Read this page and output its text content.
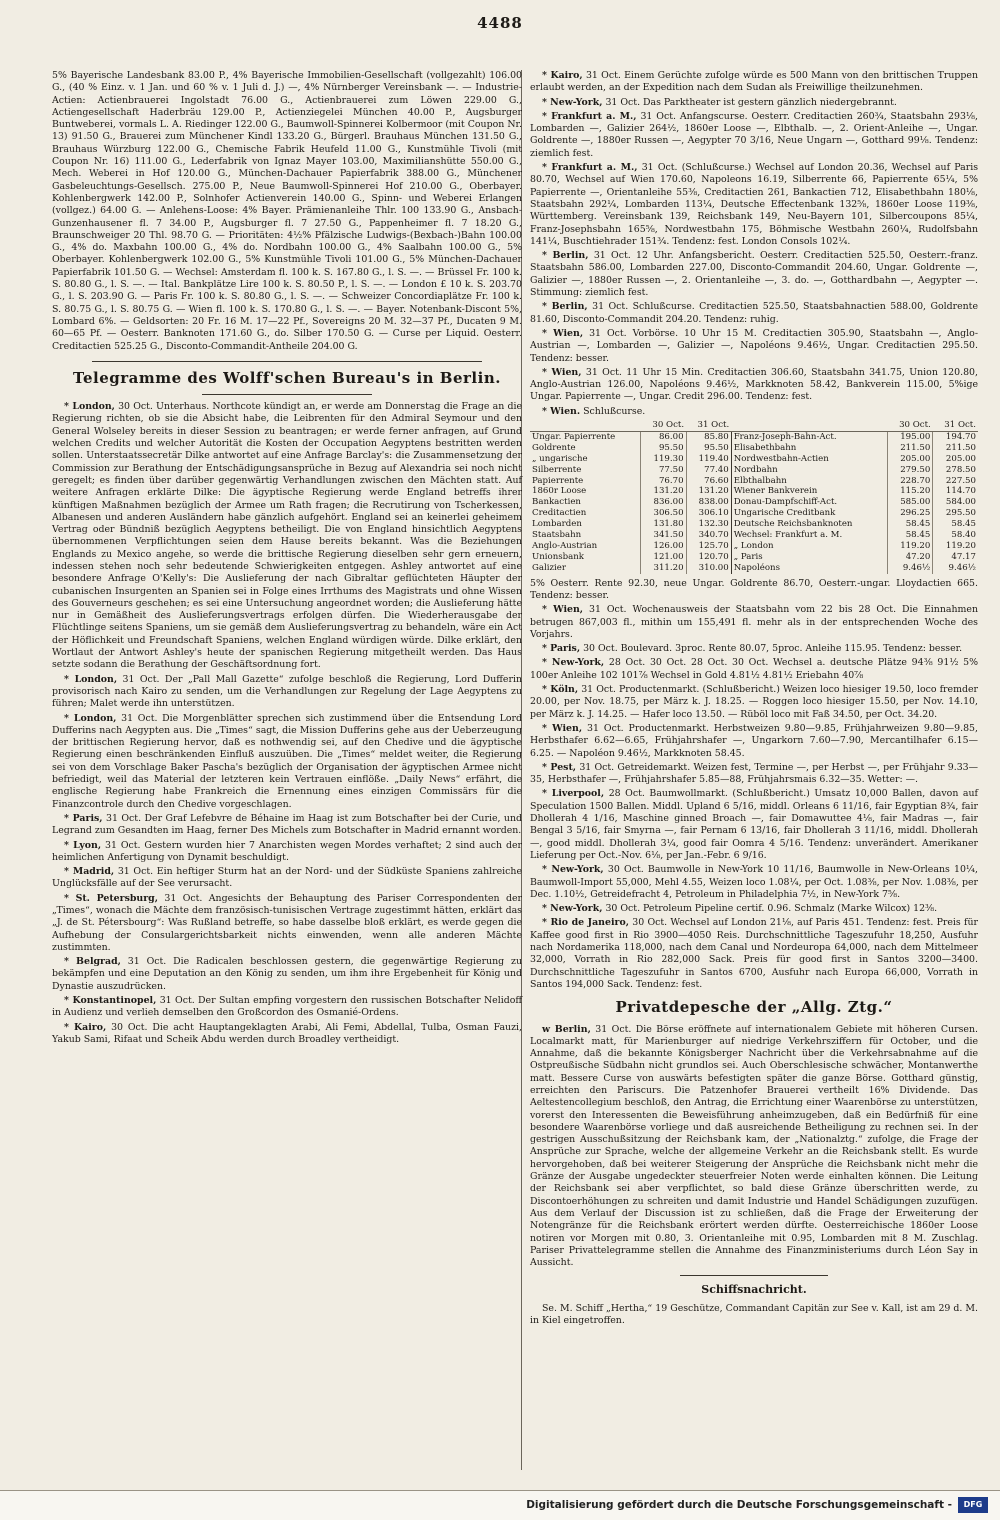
4488

5% Bayerische Landesbank 83.00 P., 4% Bayerische Immobilien-Gesellschaft (vollgezahlt) 106.00 G., (40 % Einz. v. 1 Jan. und 60 % v. 1 Juli d. J.) —, 4% Nürnberger Vereinsbank —. — Industrie-Actien: Actienbrauerei Ingolstadt 76.00 G., Actienbrauerei zum Löwen 229.00 G., Actiengesellschaft Haderbräu 129.00 P., Actienziegelei München 40.00 P., Augsburger Buntweberei, vormals L. A. Riedinger 122.00 G., Baumwoll-Spinnerei Kolbermoor (mit Coupon Nr. 13) 91.50 G., Brauerei zum Münchener Kindl 133.20 G., Bürgerl. Brauhaus München 131.50 G., Brauhaus Würzburg 122.00 G., Chemische Fabrik Heufeld 11.00 G., Kunstmühle Tivoli (mit Coupon Nr. 16) 111.00 G., Lederfabrik von Ignaz Mayer 103.00, Maximilianshütte 550.00 G., Mech. Weberei in Hof 120.00 G., München-Dachauer Papierfabrik 388.00 G., Münchener Gasbeleuchtungs-Gesellsch. 275.00 P., Neue Baumwoll-Spinnerei Hof 210.00 G., Oberbayer. Kohlenbergwerk 142.00 P., Solnhofer Actienverein 140.00 G., Spinn- und Weberei Erlangen (vollgez.) 64.00 G. — Anlehens-Loose: 4% Bayer. Prämienanleihe Thlr. 100 133.90 G., Ansbach-Gunzenhausener fl. 7 34.00 P., Augsburger fl. 7 27.50 G., Pappenheimer fl. 7 18.20 G., Braunschweiger 20 Thl. 98.70 G. — Prioritäten: 4½% Pfälzische Ludwigs-(Bexbach-)Bahn 100.00 G., 4% do. Maxbahn 100.00 G., 4% do. Nordbahn 100.00 G., 4% Saalbahn 100.00 G., 5% Oberbayer. Kohlenbergwerk 102.00 G., 5% Kunstmühle Tivoli 101.00 G., 5% München-Dachauer Papierfabrik 101.50 G. — Wechsel: Amsterdam fl. 100 k. S. 167.80 G., l. S. —. — Brüssel Fr. 100 k. S. 80.80 G., l. S. —. — Ital. Bankplätze Lire 100 k. S. 80.50 P., l. S. —. — London £ 10 k. S. 203.70 G., l. S. 203.90 G. — Paris Fr. 100 k. S. 80.80 G., l. S. —. — Schweizer Concordiaplätze Fr. 100 k. S. 80.75 G., l. S. 80.75 G. — Wien fl. 100 k. S. 170.80 G., l. S. —. — Bayer. Notenbank-Discont 5%, Lombard 6%. — Geldsorten: 20 Fr. 16 M. 17—22 Pf., Sovereigns 20 M. 32—37 Pf., Ducaten 9 M. 60—65 Pf. — Oesterr. Banknoten 171.60 G., do. Silber 170.50 G. — Curse per Liquid. Oesterr. Creditactien 525.25 G., Disconto-Commandit-Antheile 204.00 G.

Telegramme des Wolff'schen Bureau's in Berlin.

* London, 30 Oct. Unterhaus. Northcote kündigt an, er werde am Donnerstag die Frage an die Regierung richten, ob sie die Absicht habe, die Leibrenten für den Admiral Seymour und den General Wolseley bereits in dieser Session zu beantragen; er werde ferner anfragen, auf Grund welchen Credits und welcher Autorität die Kosten der Occupation Aegyptens bestritten werden sollen. Unterstaatssecretär Dilke antwortet auf eine Anfrage Barclay's: die Zusammensetzung der Commission zur Berathung der Entschädigungsansprüche in Bezug auf Alexandria sei noch nicht geregelt; es finden über darüber gegenwärtig Verhandlungen zwischen den Mächten statt. Auf weitere Anfragen erklärte Dilke: Die ägyptische Regierung werde England betreffs ihrer künftigen Maßnahmen bezüglich der Armee um Rath fragen; die Recrutirung von Tscherkessen, Albanesen und anderen Ausländern habe gänzlich aufgehört. England sei an keinerlei geheimem Vertrag oder Bündniß bezüglich Aegyptens betheiligt. Die von England hinsichtlich Aegyptens übernommenen Verpflichtungen seien dem Hause bereits bekannt. Was die Beziehungen Englands zu Mexico angehe, so werde die brittische Regierung dieselben sehr gern erneuern, indessen stehen noch sehr bedeutende Schwierigkeiten entgegen. Ashley antwortet auf eine besondere Anfrage O'Kelly's: Die Auslieferung der nach Gibraltar geflüchteten Häupter der cubanischen Insurgenten an Spanien sei in Folge eines Irrthums des Magistrats und ohne Wissen des Gouverneurs geschehen; es sei eine Untersuchung angeordnet worden; die Auslieferung hätte nur in Gemäßheit des Auslieferungsvertrags erfolgen dürfen. Die Wiederherausgabe der Flüchtlinge seitens Spaniens, um sie gemäß dem Auslieferungsvertrag zu behandeln, wäre ein Act der Höflichkeit und Freundschaft Spaniens, welchen England würdigen würde. Dilke erklärt, den Wortlaut der Antwort Ashley's heute der spanischen Regierung mitgetheilt werden. Das Haus setzte sodann die Berathung der Geschäftsordnung fort.

* London, 31 Oct. Der „Pall Mall Gazette“ zufolge beschloß die Regierung, Lord Dufferin provisorisch nach Kairo zu senden, um die Verhandlungen zur Regelung der Lage Aegyptens zu führen; Malet werde ihn unterstützen.

* London, 31 Oct. Die Morgenblätter sprechen sich zustimmend über die Entsendung Lord Dufferins nach Aegypten aus. Die „Times“ sagt, die Mission Dufferins gehe aus der Ueberzeugung der brittischen Regierung hervor, daß es nothwendig sei, auf den Chedive und die ägyptische Regierung einen beschränkenden Einfluß auszuüben. Die „Times“ meldet weiter, die Regierung sei von dem Vorschlage Baker Pascha's bezüglich der Organisation der ägyptischen Armee nicht befriedigt, weil das Material der letzteren kein Vertrauen einflöße. „Daily News“ erfährt, die englische Regierung habe Frankreich die Ernennung eines einzigen Commissärs für die Finanzcontrole durch den Chedive vorgeschlagen.

* Paris, 31 Oct. Der Graf Lefebvre de Béhaine im Haag ist zum Botschafter bei der Curie, und Legrand zum Gesandten im Haag, ferner Des Michels zum Botschafter in Madrid ernannt worden.

* Lyon, 31 Oct. Gestern wurden hier 7 Anarchisten wegen Mordes verhaftet; 2 sind auch der heimlichen Anfertigung von Dynamit beschuldigt.

* Madrid, 31 Oct. Ein heftiger Sturm hat an der Nord- und der Südküste Spaniens zahlreiche Unglücksfälle auf der See verursacht.

* St. Petersburg, 31 Oct. Angesichts der Behauptung des Pariser Correspondenten der „Times“, wonach die Mächte dem französisch-tunisischen Vertrage zugestimmt hätten, erklärt das „J. de St. Pétersbourg“: Was Rußland betreffe, so habe dasselbe bloß erklärt, es werde gegen die Aufhebung der Consulargerichtsbarkeit nichts einwenden, wenn alle anderen Mächte zustimmten.

* Belgrad, 31 Oct. Die Radicalen beschlossen gestern, die gegenwärtige Regierung zu bekämpfen und eine Deputation an den König zu senden, um ihm ihre Ergebenheit für König und Dynastie auszudrücken.

* Konstantinopel, 31 Oct. Der Sultan empfing vorgestern den russischen Botschafter Nelidoff in Audienz und verlieh demselben den Großcordon des Osmanié-Ordens.

* Kairo, 30 Oct. Die acht Hauptangeklagten Arabi, Ali Femi, Abdellal, Tulba, Osman Fauzi, Yakub Sami, Rifaat und Scheik Abdu werden durch Broadley vertheidigt.

* Kairo, 31 Oct. Einem Gerüchte zufolge würde es 500 Mann von den brittischen Truppen erlaubt werden, an der Expedition nach dem Sudan als Freiwillige theilzunehmen.

* New-York, 31 Oct. Das Parktheater ist gestern gänzlich niedergebrannt.

* Frankfurt a. M., 31 Oct. Anfangscurse. Oesterr. Creditactien 260¾, Staatsbahn 293⅛, Lombarden —, Galizier 264½, 1860er Loose —, Elbthalb. —, 2. Orient-Anleihe —, Ungar. Goldrente —, 1880er Russen —, Aegypter 70 3/16, Neue Ungarn —, Gotthard 99⅛. Tendenz: ziemlich fest.

* Frankfurt a. M., 31 Oct. (Schlußcurse.) Wechsel auf London 20.36, Wechsel auf Paris 80.70, Wechsel auf Wien 170.60, Napoleons 16.19, Silberrente 66, Papierrente 65¼, 5% Papierrente —, Orientanleihe 55⅜, Creditactien 261, Bankactien 712, Elisabethbahn 180⅛, Staatsbahn 292¼, Lombarden 113¼, Deutsche Effectenbank 132⅝, 1860er Loose 119⅜, Württemberg. Vereinsbank 139, Reichsbank 149, Neu-Bayern 101, Silbercoupons 85¼, Franz-Josephsbahn 165⅝, Nordwestbahn 175, Böhmische Westbahn 260¼, Rudolfsbahn 141¼, Buschtiehrader 151¾. Tendenz: fest. London Consols 102¼.

* Berlin, 31 Oct. 12 Uhr. Anfangsbericht. Oesterr. Creditactien 525.50, Oesterr.-franz. Staatsbahn 586.00, Lombarden 227.00, Disconto-Commandit 204.60, Ungar. Goldrente —, Galizier —, 1880er Russen —, 2. Orientanleihe —, 3. do. —, Gotthardbahn —, Aegypter —. Stimmung: ziemlich fest.

* Berlin, 31 Oct. Schlußcurse. Creditactien 525.50, Staatsbahnactien 588.00, Goldrente 81.60, Disconto-Commandit 204.20. Tendenz: ruhig.

* Wien, 31 Oct. Vorbörse. 10 Uhr 15 M. Creditactien 305.90, Staatsbahn —, Anglo-Austrian —, Lombarden —, Galizier —, Napoléons 9.46½, Ungar. Creditactien 295.50. Tendenz: besser.

* Wien, 31 Oct. 11 Uhr 15 Min. Creditactien 306.60, Staatsbahn 341.75, Union 120.80, Anglo-Austrian 126.00, Napoléons 9.46½, Markknoten 58.42, Bankverein 115.00, 5%ige Ungar. Papierrente —, Ungar. Credit 296.00. Tendenz: fest.

* Wien. Schlußcurse.

	30 Oct.	31 Oct.		30 Oct.	31 Oct.
Ungar. Papierrente	86.00	85.80	Franz-Joseph-Bahn-Act.	195.00	194.70
Goldrente	95.50	95.50	Elisabethbahn	211.50	211.50
„ ungarische	119.30	119.40	Nordwestbahn-Actien	205.00	205.00
Silberrente	77.50	77.40	Nordbahn	279.50	278.50
Papierrente	76.70	76.60	Elbthalbahn	228.70	227.50
1860r Loose	131.20	131.20	Wiener Bankverein	115.20	114.70
Bankactien	836.00	838.00	Donau-Dampfschiff-Act.	585.00	584.00
Creditactien	306.50	306.10	Ungarische Creditbank	296.25	295.50
Lombarden	131.80	132.30	Deutsche Reichsbanknoten	58.45	58.45
Staatsbahn	341.50	340.70	Wechsel: Frankfurt a. M.	58.45	58.40
Anglo-Austrian	126.00	125.70	„ London	119.20	119.20
Unionsbank	121.00	120.70	„ Paris	47.20	47.17
Galizier	311.20	310.00	Napoléons	9.46½	9.46½

5% Oesterr. Rente 92.30, neue Ungar. Goldrente 86.70, Oesterr.-ungar. Lloydactien 665. Tendenz: besser.

* Wien, 31 Oct. Wochenausweis der Staatsbahn vom 22 bis 28 Oct. Die Einnahmen betrugen 867,003 fl., mithin um 155,491 fl. mehr als in der entsprechenden Woche des Vorjahrs.

* Paris, 30 Oct. Boulevard. 3proc. Rente 80.07, 5proc. Anleihe 115.95. Tendenz: besser.

* New-York, 28 Oct. 30 Oct. 28 Oct. 30 Oct. Wechsel a. deutsche Plätze 94⅜ 91½ 5% 100er Anleihe 102 101⅞ Wechsel in Gold 4.81½ 4.81½ Eriebahn 40⅞

* Köln, 31 Oct. Productenmarkt. (Schlußbericht.) Weizen loco hiesiger 19.50, loco fremder 20.00, per Nov. 18.75, per März k. J. 18.25. — Roggen loco hiesiger 15.50, per Nov. 14.10, per März k. J. 14.25. — Hafer loco 13.50. — Rüböl loco mit Faß 34.50, per Oct. 34.20.

* Wien, 31 Oct. Productenmarkt. Herbstweizen 9.80—9.85, Frühjahrweizen 9.80—9.85, Herbsthafer 6.62—6.65, Frühjahrshafer —, Ungarkorn 7.60—7.90, Mercantilhafer 6.15—6.25. — Napoléon 9.46½, Markknoten 58.45.

* Pest, 31 Oct. Getreidemarkt. Weizen fest, Termine —, per Herbst —, per Frühjahr 9.33—35, Herbsthafer —, Frühjahrshafer 5.85—88, Frühjahrsmais 6.32—35. Wetter: —.

* Liverpool, 28 Oct. Baumwollmarkt. (Schlußbericht.) Umsatz 10,000 Ballen, davon auf Speculation 1500 Ballen. Middl. Upland 6 5/16, middl. Orleans 6 11/16, fair Egyptian 8¾, fair Dhollerah 4 1/16, Maschine ginned Broach —, fair Domawuttee 4⅛, fair Madras —, fair Bengal 3 5/16, fair Smyrna —, fair Pernam 6 13/16, fair Dhollerah 3 11/16, middl. Dhollerah —, good middl. Dhollerah 3¼, good fair Oomra 4 5/16. Tendenz: unverändert. Amerikaner Lieferung per Oct.-Nov. 6⅛, per Jan.-Febr. 6 9/16.

* New-York, 30 Oct. Baumwolle in New-York 10 11/16, Baumwolle in New-Orleans 10¼, Baumwoll-Import 55,000, Mehl 4.55, Weizen loco 1.08¼, per Oct. 1.08⅜, per Nov. 1.08⅜, per Dec. 1.10½, Getreidefracht 4, Petroleum in Philadelphia 7½, in New-York 7⅝.

* New-York, 30 Oct. Petroleum Pipeline certif. 0.96. Schmalz (Marke Wilcox) 12⅜.

* Rio de Janeiro, 30 Oct. Wechsel auf London 21⅛, auf Paris 451. Tendenz: fest. Preis für Kaffee good first in Rio 3900—4050 Reis. Durchschnittliche Tageszufuhr 18,250, Ausfuhr nach Nordamerika 118,000, nach dem Canal und Nordeuropa 64,000, nach dem Mittelmeer 32,000, Vorrath in Rio 282,000 Sack. Preis für good first in Santos 3200—3400. Durchschnittliche Tageszufuhr in Santos 6700, Ausfuhr nach Europa 66,000, Vorrath in Santos 194,000 Sack. Tendenz: fest.

Privatdepesche der „Allg. Ztg.“

w Berlin, 31 Oct. Die Börse eröffnete auf internationalem Gebiete mit höheren Cursen. Localmarkt matt, für Marienburger auf niedrige Verkehrsziffern für October, und die Annahme, daß die bekannte Königsberger Nachricht über die Verkehrsabnahme auf die Ostpreußische Südbahn nicht grundlos sei. Auch Oberschlesische schwächer, Montanwerthe matt. Bessere Curse von auswärts befestigten später die ganze Börse. Gotthard günstig, erreichten den Pariscurs. Die Patzenhofer Brauerei vertheilt 16% Dividende. Das Aeltestencollegium beschloß, den Antrag, die Errichtung einer Waarenbörse zu unterstützen, vorerst den Interessenten die Beweisführung anheimzugeben, daß ein Bedürfniß für eine besondere Waarenbörse vorliege und daß ausreichende Betheiligung zu rechnen sei. In der gestrigen Ausschußsitzung der Reichsbank kam, der „Nationalztg.“ zufolge, die Frage der Ansprüche zur Sprache, welche der allgemeine Verkehr an die Reichsbank stellt. Es wurde hervorgehoben, daß bei weiterer Steigerung der Ansprüche die Reichsbank nicht mehr die Gränze der Ausgabe ungedeckter steuerfreier Noten werde einhalten können. Die Leitung der Reichsbank sei aber verpflichtet, so bald diese Gränze überschritten werde, zu Discontoerhöhungen zu schreiten und damit Industrie und Handel Schädigungen zuzufügen. Aus dem Verlauf der Discussion ist zu schließen, daß die Frage der Erweiterung der Notengränze für die Reichsbank erörtert werden dürfte. Oesterreichische 1860er Loose notiren vor Morgen mit 0.80, 3. Orientanleihe mit 0.95, Lombarden mit 8 M. Zuschlag. Pariser Privattelegramme stellen die Annahme des Finanzministeriums durch Léon Say in Aussicht.

Schiffsnachricht.

Se. M. Schiff „Hertha,“ 19 Geschütze, Commandant Capitän zur See v. Kall, ist am 29 d. M. in Kiel eingetroffen.

Digitalisierung gefördert durch die Deutsche Forschungsgemeinschaft -	DFG
